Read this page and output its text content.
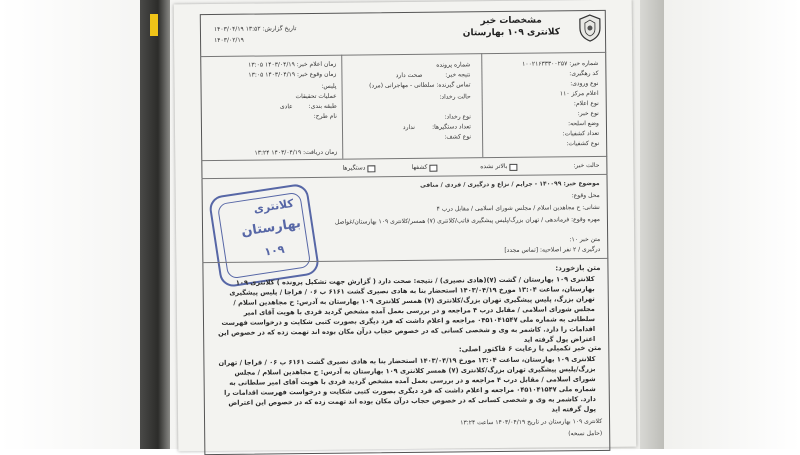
مشخصات خبر
کلانتری ۱۰۹ بهارستان
تاریخ گزارش: ۱۳:۵۲ ۱۴۰۳/۰۴/۱۹
۱۴۰۳/۰۲/۱۹
شماره خبر: ۱۰۰۲۱۶۳۳۳۰۰۲۵۷
کد رهگیری:
نوع ورودی:
اعلام مرکز ۱۱۰
نوع اعلام:
نوع خبر:
وضع اسلحه:
تعداد کشفیات:
نوع کشفیات:
شماره پرونده
نتیجه خبر:
صحت دارد
تماس گیرنده:
سلطانی - مهاجرانی (مرد)
حالت رخداد:
نوع رخداد:
تعداد دستگیرها:
ندارد
نوع کشف:
زمان اعلام خبر: ۱۴۰۳/۰۴/۱۹ ۱۳:۰۵
زمان وقوع خبر: ۱۴۰۳/۰۴/۱۹ ۱۳:۰۵
پلیس:
عملیات تحقیقات
طبقه بندی:
عادی
نام طرح:
زمان دریافت: ۱۴۰۳/۰۴/۱۹ ۱۳:۲۴
حالت خبر:
بالاتر نشده
کشفها
دستگیرها
موضوع خبر: ۱۴۰۰۹۹ - جرایم / نزاع و درگیری / فردی / منافی
محل وقوع:
نشانی: ح مجاهدین اسلام / مجلس شورای اسلامی / مقابل درب ۴
مهره وقوع: فرماندهی / تهران بزرگ/پلیس پیشگیری فاتب/کلانتری (۷) همسر/کلانتری ۱۰۹ بهارستان/غواصل
متن خبر ۱۰:
درگیری / ۲ نفر اصلاحیه: [تماس مجدد]
کلانتری
بهارستان
۱۰۹
متن بازخورد:
کلانتری ۱۰۹ بهارستان / گشت (۷)(هادی نصیری) / نتیجه: صحت دارد ( گزارش جهت تشکیل پرونده ) کلانتری ۱۰۹ بهارستان، ساعت ۱۳:۰۴ مورخ ۱۴۰۳/۰۴/۱۹ استحضار بنا به هادی نصیری گشت ۶۱۶۱ ب ۰۶ / فراجا / پلیس پیشگیری تهران بزرگ، پلیس پیشگیری تهران بزرگ/کلانتری (۷) همسر کلانتری ۱۰۹ بهارستان به آدرس: ح مجاهدین اسلام / مجلس شورای اسلامی / مقابل درب ۴ مراجعه و در بررسی بعمل آمده مشخص گردید فردی با هویت آقای امیر سلطانی به شماره ملی ۰۴۵۱۰۴۱۵۴۷ مراجعه و اعلام داشت که فرد دیگری بصورت کتبی شکایت و درخواست فهرست اقدامات را دارد. کاشمر به وی و شخصی کسانی که در خصوص حجاب درآن مکان بوده اند تهمت زده که در خصوص این اعتراض پول گرفته اید
متن خبر تکمیلی با رعایت ۶ فاکتور اصلی:
کلانتری ۱۰۹ بهارستان، ساعت ۱۳:۰۴ مورخ ۱۴۰۳/۰۴/۱۹ استحضار بنا به هادی نصیری گشت ۶۱۶۱ ب ۰۶ / فراجا / تهران بزرگ/پلیس پیشگیری تهران بزرگ/کلانتری (۷) همسر کلانتری ۱۰۹ بهارستان به آدرس: ح مجاهدین اسلام / مجلس شورای اسلامی / مقابل درب ۴ مراجعه و در بررسی بعمل آمده مشخص گردید فردی با هویت آقای امیر سلطانی به شماره ملی ۰۴۵۱۰۴۱۵۴۷ مراجعه و اعلام داشت که فرد دیگری بصورت کتبی شکایت و درخواست فهرست اقدامات را دارد. کاشمر به وی و شخصی کسانی که در خصوص حجاب درآن مکان بوده اند تهمت زده که در خصوص این اعتراض پول گرفته اید
کلانتری ۱۰۹ بهارستان در تاریخ ۱۴۰۳/۰۴/۱۹ ساعت ۱۳:۲۴
(حامل نسخه)
